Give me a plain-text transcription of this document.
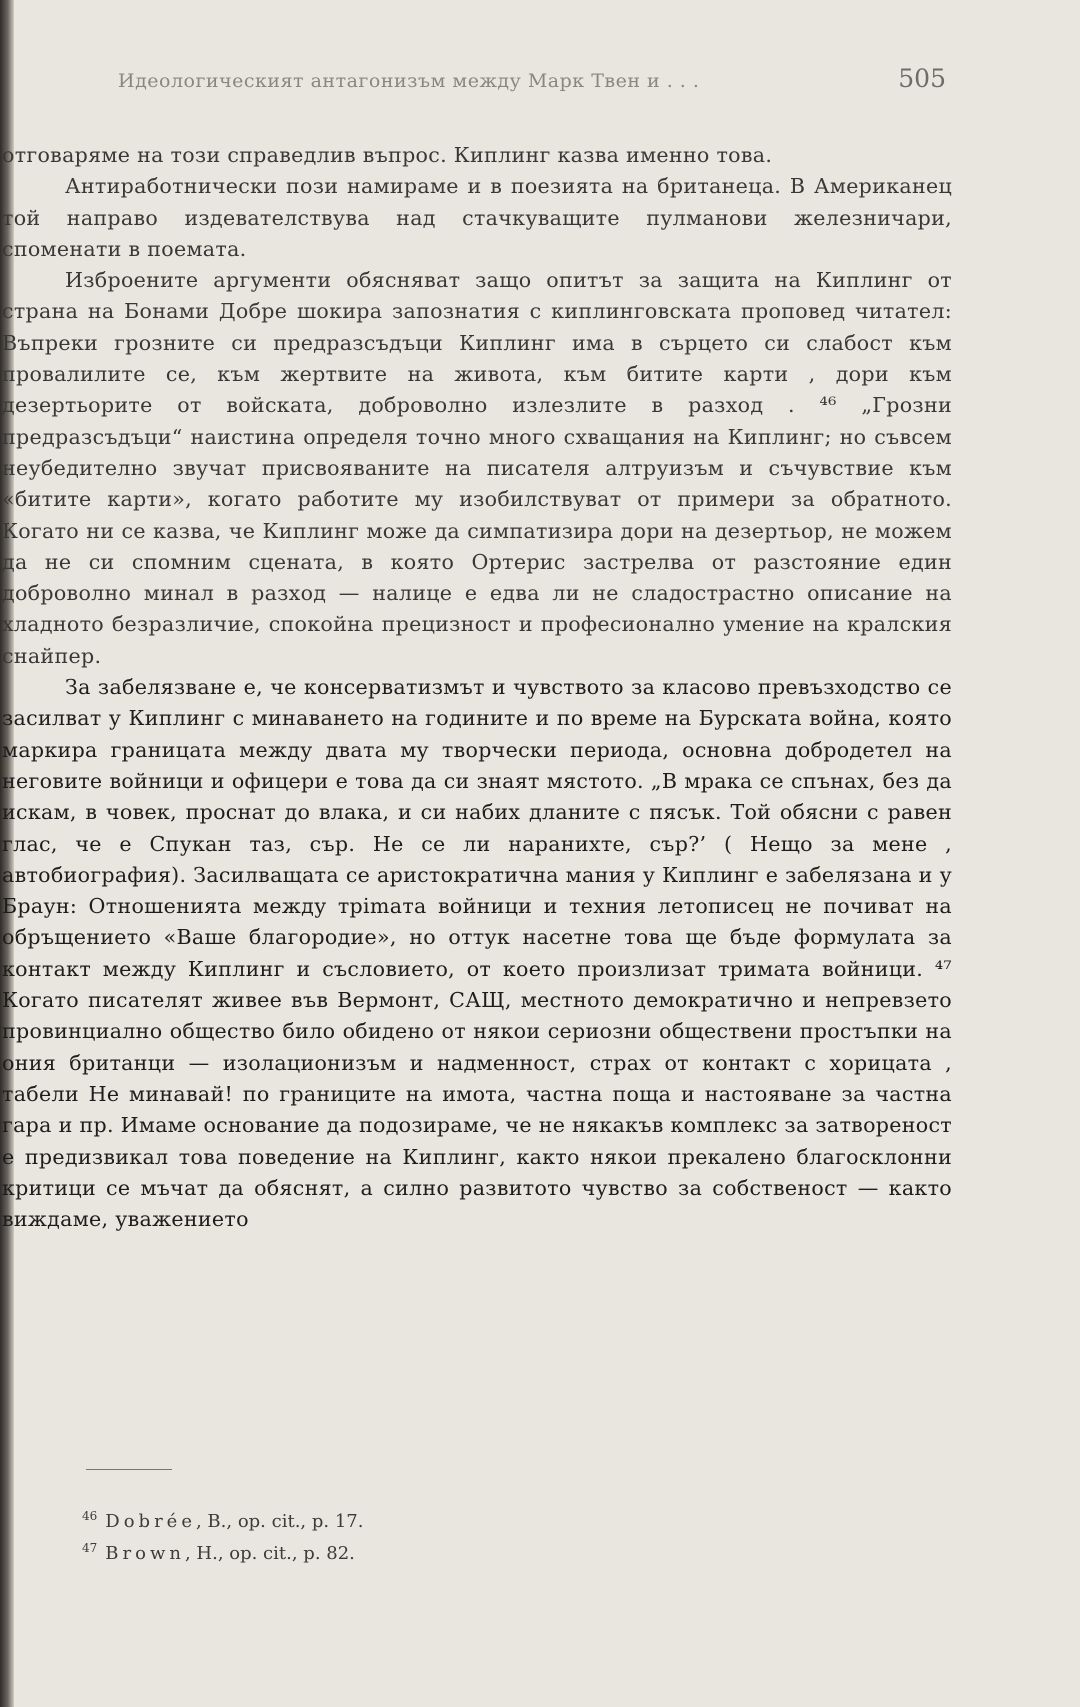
Идеологическият антагонизъм между Марк Твен и . . .	505

отговаряме на този справедлив въпрос. Киплинг казва именно това.

Антиработнически пози намираме и в поезията на британеца. В Американец той направо издевателствува над стачкуващите пулманови железничари, споменати в поемата.

Изброените аргументи обясняват защо опитът за защита на Киплинг от страна на Бонами Добре шокира запознатия с киплинговската проповед читател: Въпреки грозните си предразсъдъци Киплинг има в сърцето си слабост към провалилите се, към жертвите на живота, към битите карти , дори към дезертьорите от войската, доброволно излезлите в разход . ⁴⁶ „Грозни предразсъдъци“ наистина определя точно много схващания на Киплинг; но съвсем неубедително звучат присвояваните на писателя алтруизъм и съчувствие към «битите карти», когато работите му изобилствуват от примери за обратното. Когато ни се казва, че Киплинг може да симпатизира дори на дезертьор, не можем да не си спомним сцената, в която Ортерис застрелва от разстояние един доброволно минал в разход — налице е едва ли не сладострастно описание на хладното безразличие, спокойна прецизност и професионално умение на кралския снайпер.

За забелязване е, че консерватизмът и чувството за класово превъзходство се засилват у Киплинг с минаването на годините и по време на Бурската война, която маркира границата между двата му творчески периода, основна добродетел на неговите войници и офицери е това да си знаят мястото. „В мрака се спънах, без да искам, в човек, проснат до влака, и си набих дланите с пясък. Той обясни с равен глас, че е Спукан таз, сър. Не се ли наранихте, сър?’ ( Нещо за мене , автобиография). Засилващата се аристократична мания у Киплинг е забелязана и у Браун: Отношенията между трimата войници и техния летописец не почиват на обръщението «Ваше благородие», но оттук насетне това ще бъде формулата за контакт между Киплинг и съсловието, от което произлизат тримата войници. ⁴⁷ Когато писателят живее във Вермонт, САЩ, местното демократично и непревзето провинциално общество било обидено от някои сериозни обществени простъпки на ония британци — изолационизъм и надменност, страх от контакт с хорицата , табели Не минавай! по границите на имота, частна поща и настояване за частна гара и пр. Имаме основание да подозираме, че не някакъв комплекс за затвореност е предизвикал това поведение на Киплинг, както някои прекалено благосклонни критици се мъчат да обяснят, а силно развитото чувство за собственост — както виждаме, уважението

$^{46}$ Dobrée, B., op. cit., p. 17.
$^{47}$ Brown, H., op. cit., p. 82.
